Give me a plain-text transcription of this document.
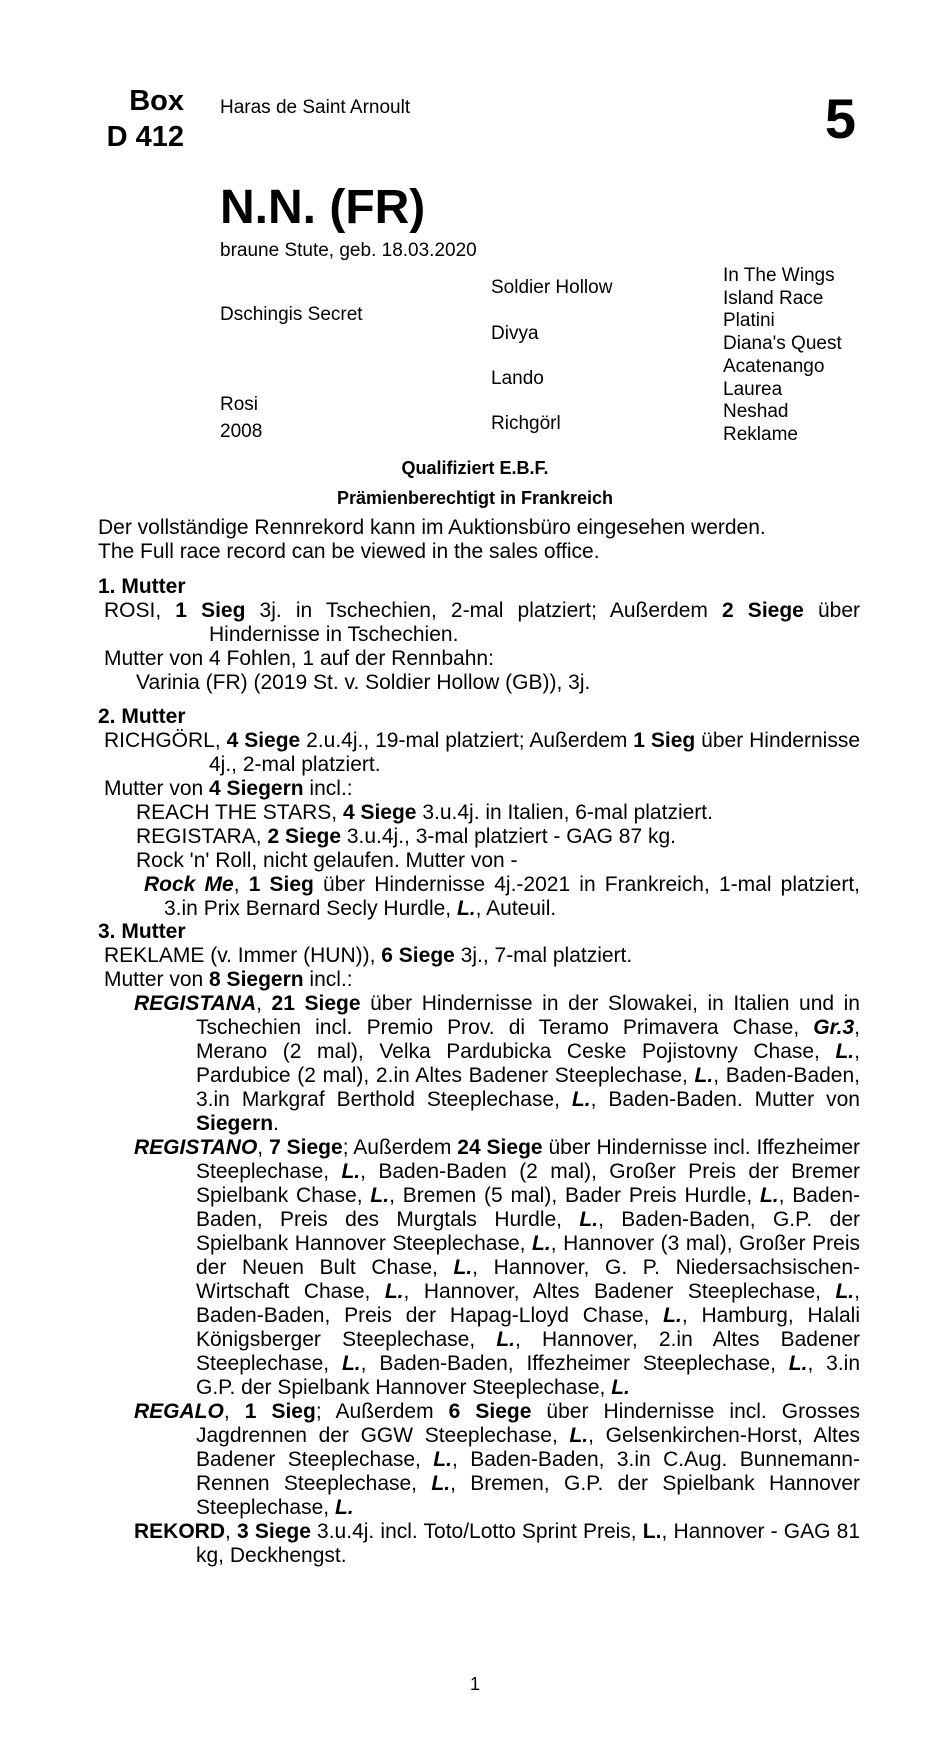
Box
D 412
Haras de Saint Arnoult	5
N.N. (FR)
braune Stute, geb. 18.03.2020
Dschingis Secret
Rosi
2008
Soldier Hollow
Divya
Lando
Richgörl
In The Wings
Island Race
Platini
Diana's Quest
Acatenango
Laurea
Neshad
Reklame
Qualifiziert E.B.F.
Prämienberechtigt in Frankreich
Der vollständige Rennrekord kann im Auktionsbüro eingesehen werden.
The Full race record can be viewed in the sales office.
1. Mutter
ROSI, 1 Sieg 3j. in Tschechien, 2-mal platziert; Außerdem 2 Siege über Hindernisse in Tschechien.
Mutter von 4 Fohlen, 1 auf der Rennbahn:
Varinia (FR) (2019 St. v. Soldier Hollow (GB)), 3j.
2. Mutter
RICHGÖRL, 4 Siege 2.u.4j., 19-mal platziert; Außerdem 1 Sieg über Hindernisse 4j., 2-mal platziert.
Mutter von 4 Siegern incl.:
REACH THE STARS, 4 Siege 3.u.4j. in Italien, 6-mal platziert.
REGISTARA, 2 Siege 3.u.4j., 3-mal platziert - GAG 87 kg.
Rock 'n' Roll, nicht gelaufen. Mutter von -
Rock Me, 1 Sieg über Hindernisse 4j.-2021 in Frankreich, 1-mal platziert, 3.in Prix Bernard Secly Hurdle, L., Auteuil.
3. Mutter
REKLAME (v. Immer (HUN)), 6 Siege 3j., 7-mal platziert.
Mutter von 8 Siegern incl.:
REGISTANA, 21 Siege über Hindernisse in der Slowakei, in Italien und in Tschechien incl. Premio Prov. di Teramo Primavera Chase, Gr.3, Merano (2 mal), Velka Pardubicka Ceske Pojistovny Chase, L., Pardubice (2 mal), 2.in Altes Badener Steeplechase, L., Baden-Baden, 3.in Markgraf Berthold Steeplechase, L., Baden-Baden. Mutter von Siegern.
REGISTANO, 7 Siege; Außerdem 24 Siege über Hindernisse incl. Iffezheimer Steeplechase, L., Baden-Baden (2 mal), Großer Preis der Bremer Spielbank Chase, L., Bremen (5 mal), Bader Preis Hurdle, L., Baden-Baden, Preis des Murgtals Hurdle, L., Baden-Baden, G.P. der Spielbank Hannover Steeplechase, L., Hannover (3 mal), Großer Preis der Neuen Bult Chase, L., Hannover, G. P. Niedersachsischen-Wirtschaft Chase, L., Hannover, Altes Badener Steeplechase, L., Baden-Baden, Preis der Hapag-Lloyd Chase, L., Hamburg, Halali Königsberger Steeplechase, L., Hannover, 2.in Altes Badener Steeplechase, L., Baden-Baden, Iffezheimer Steeplechase, L., 3.in G.P. der Spielbank Hannover Steeplechase, L.
REGALO, 1 Sieg; Außerdem 6 Siege über Hindernisse incl. Grosses Jagdrennen der GGW Steeplechase, L., Gelsenkirchen-Horst, Altes Badener Steeplechase, L., Baden-Baden, 3.in C.Aug. Bunnemann-Rennen Steeplechase, L., Bremen, G.P. der Spielbank Hannover Steeplechase, L.
REKORD, 3 Siege 3.u.4j. incl. Toto/Lotto Sprint Preis, L., Hannover - GAG 81 kg, Deckhengst.
1
